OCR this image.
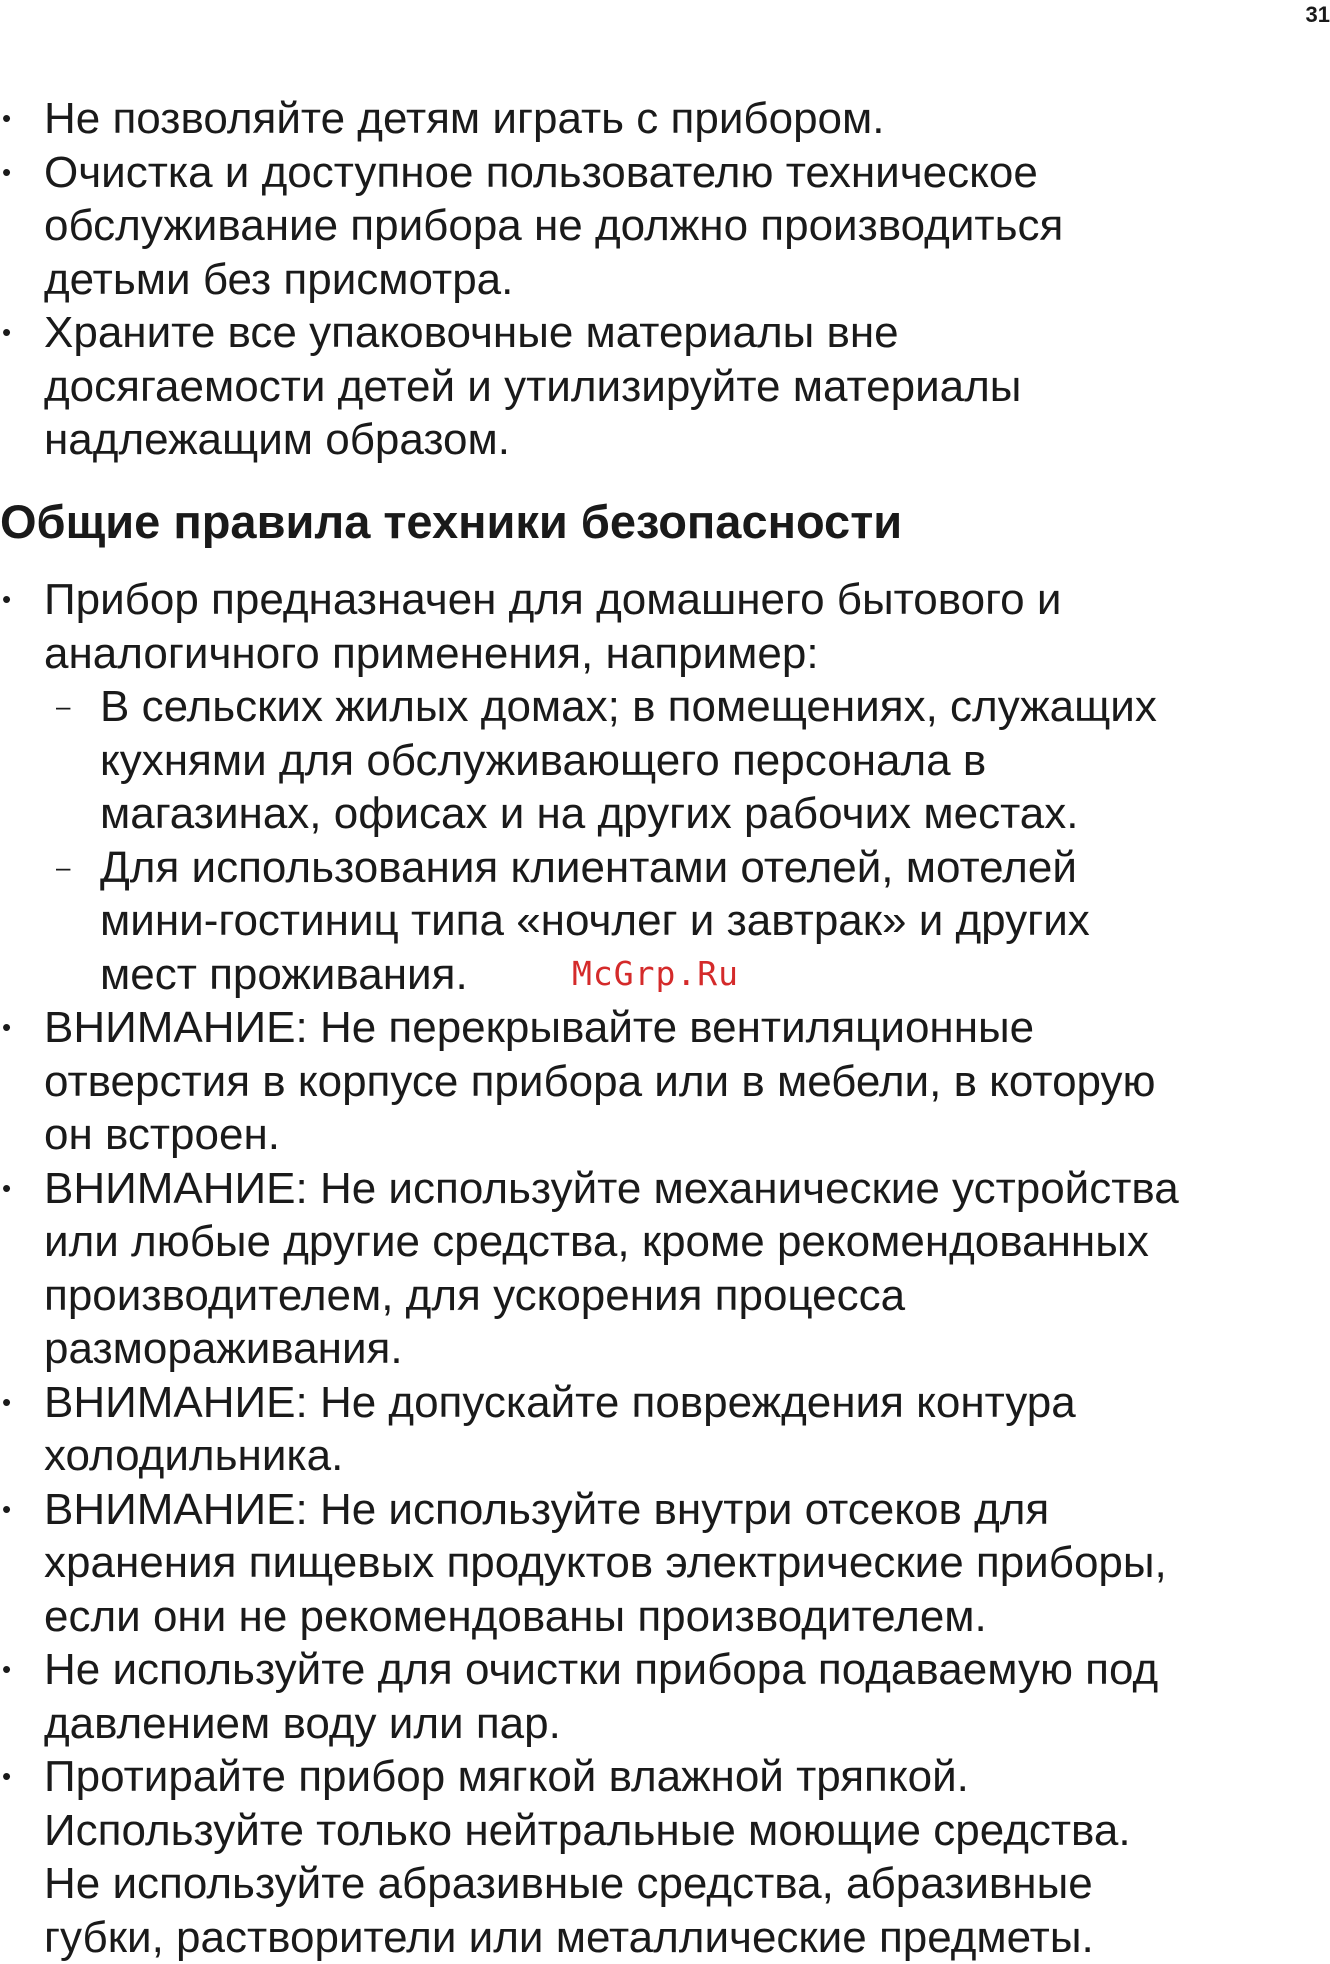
31
• Не позволяйте детям играть с прибором.
• Очистка и доступное пользователю техническое
обслуживание прибора не должно производиться
детьми без присмотра.
• Храните все упаковочные материалы вне
досягаемости детей и утилизируйте материалы
надлежащим образом.
Общие правила техники безопасности
• Прибор предназначен для домашнего бытового и
аналогичного применения, например:
– В сельских жилых домах; в помещениях, служащих
кухнями для обслуживающего персонала в
магазинах, офисах и на других рабочих местах.
– Для использования клиентами отелей, мотелей
мини-гостиниц типа «ночлег и завтрак» и других
мест проживания.
• ВНИМАНИЕ: Не перекрывайте вентиляционные
отверстия в корпусе прибора или в мебели, в которую
он встроен.
• ВНИМАНИЕ: Не используйте механические устройства
или любые другие средства, кроме рекомендованных
производителем, для ускорения процесса
размораживания.
• ВНИМАНИЕ: Не допускайте повреждения контура
холодильника.
• ВНИМАНИЕ: Не используйте внутри отсеков для
хранения пищевых продуктов электрические приборы,
если они не рекомендованы производителем.
• Не используйте для очистки прибора подаваемую под
давлением воду или пар.
• Протирайте прибор мягкой влажной тряпкой.
Используйте только нейтральные моющие средства.
Не используйте абразивные средства, абразивные
губки, растворители или металлические предметы.
McGrp.Ru
